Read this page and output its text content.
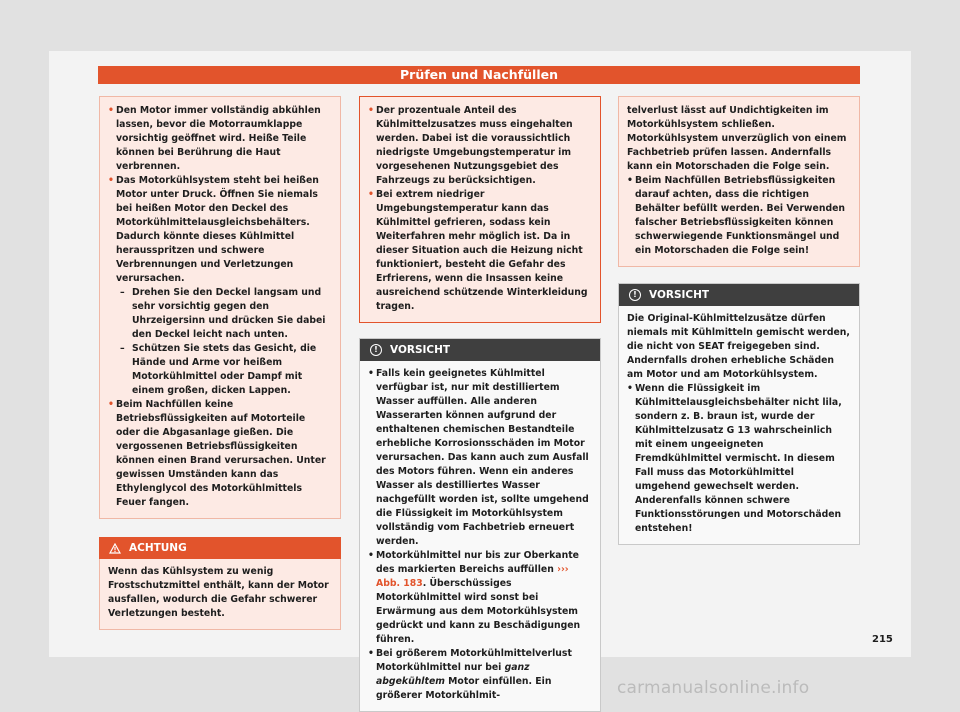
Prüfen und Nachfüllen
• Den Motor immer vollständig abkühlen lassen, bevor die Motorraumklappe vorsichtig geöffnet wird. Heiße Teile können bei Berührung die Haut verbrennen.

• Das Motorkühlsystem steht bei heißen Motor unter Druck. Öffnen Sie niemals bei heißen Motor den Deckel des Motorkühlmittelausgleichsbehälters. Dadurch könnte dieses Kühlmittel herausspritzen und schwere Verbrennungen und Verletzungen verursachen.

– Drehen Sie den Deckel langsam und sehr vorsichtig gegen den Uhrzeigersinn und drücken Sie dabei den Deckel leicht nach unten.

– Schützen Sie stets das Gesicht, die Hände und Arme vor heißem Motorkühlmittel oder Dampf mit einem großen, dicken Lappen.

• Beim Nachfüllen keine Betriebsflüssigkeiten auf Motorteile oder die Abgasanlage gießen. Die vergossenen Betriebsflüssigkeiten können einen Brand verursachen. Unter gewissen Umständen kann das Ethylenglycol des Motorkühlmittels Feuer fangen.

ACHTUNG

Wenn das Kühlsystem zu wenig Frostschutzmittel enthält, kann der Motor ausfallen, wodurch die Gefahr schwerer Verletzungen besteht.

• Der prozentuale Anteil des Kühlmittelzusatzes muss eingehalten werden. Dabei ist die voraussichtlich niedrigste Umgebungstemperatur im vorgesehenen Nutzungsgebiet des Fahrzeugs zu berücksichtigen.

• Bei extrem niedriger Umgebungstemperatur kann das Kühlmittel gefrieren, sodass kein Weiterfahren mehr möglich ist. Da in dieser Situation auch die Heizung nicht funktioniert, besteht die Gefahr des Erfrierens, wenn die Insassen keine ausreichend schützende Winterkleidung tragen.

!	VORSICHT
• Falls kein geeignetes Kühlmittel verfügbar ist, nur mit destilliertem Wasser auffüllen. Alle anderen Wasserarten können aufgrund der enthaltenen chemischen Bestandteile erhebliche Korrosionsschäden im Motor verursachen. Das kann auch zum Ausfall des Motors führen. Wenn ein anderes Wasser als destilliertes Wasser nachgefüllt worden ist, sollte umgehend die Flüssigkeit im Motorkühlsystem vollständig vom Fachbetrieb erneuert werden.

• Motorkühlmittel nur bis zur Oberkante des markierten Bereichs auffüllen ››› Abb. 183. Überschüssiges Motorkühlmittel wird sonst bei Erwärmung aus dem Motorkühlsystem gedrückt und kann zu Beschädigungen führen.

• Bei größerem Motorkühlmittelverlust Motorkühlmittel nur bei ganz abgekühltem Motor einfüllen. Ein größerer Motorkühlmit-

telverlust lässt auf Undichtigkeiten im Motorkühlsystem schließen. Motorkühlsystem unverzüglich von einem Fachbetrieb prüfen lassen. Andernfalls kann ein Motorschaden die Folge sein.

• Beim Nachfüllen Betriebsflüssigkeiten darauf achten, dass die richtigen Behälter befüllt werden. Bei Verwenden falscher Betriebsflüssigkeiten können schwerwiegende Funktionsmängel und ein Motorschaden die Folge sein!

!	VORSICHT

Die Original-Kühlmittelzusätze dürfen niemals mit Kühlmitteln gemischt werden, die nicht von SEAT freigegeben sind. Andernfalls drohen erhebliche Schäden am Motor und am Motorkühlsystem.

• Wenn die Flüssigkeit im Kühlmittelausgleichsbehälter nicht lila, sondern z. B. braun ist, wurde der Kühlmittelzusatz G 13 wahrscheinlich mit einem ungeeigneten Fremdkühlmittel vermischt. In diesem Fall muss das Motorkühlmittel umgehend gewechselt werden. Anderenfalls können schwere Funktionsstörungen und Motorschäden entstehen!

215
carmanualsonline.info
